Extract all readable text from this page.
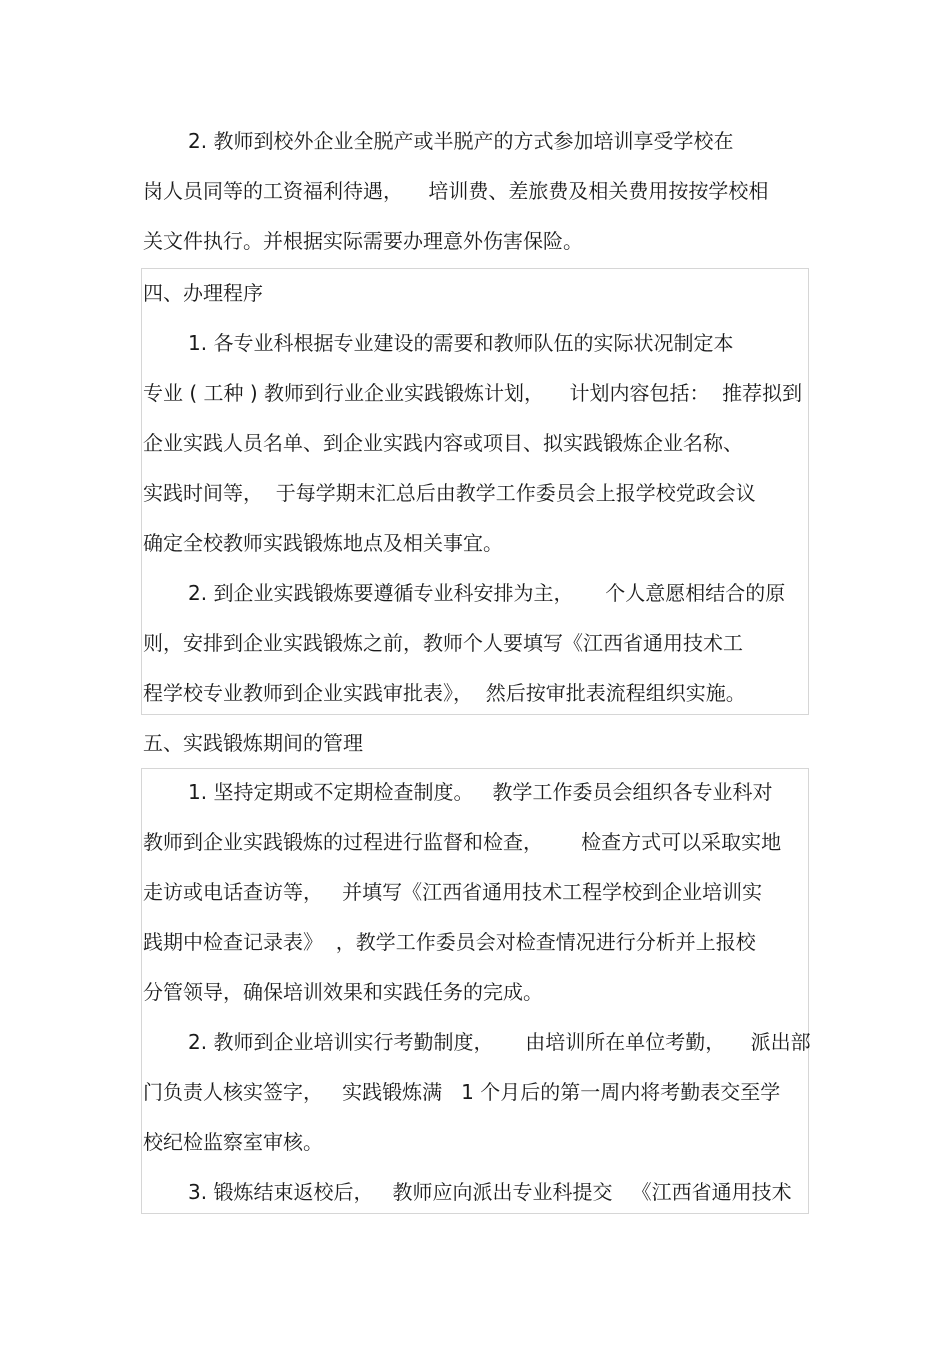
2. 教师到校外企业全脱产或半脱产的方式参加培训享受学校在
岗人员同等的工资福利待遇，    培训费、差旅费及相关费用按按学校相
关文件执行。并根据实际需要办理意外伤害保险。
四、办理程序
1. 各专业科根据专业建设的需要和教师队伍的实际状况制定本
专业 ( 工种 ) 教师到行业企业实践锻炼计划，    计划内容包括：  推荐拟到
企业实践人员名单、到企业实践内容或项目、拟实践锻炼企业名称、
实践时间等，  于每学期末汇总后由教学工作委员会上报学校党政会议
确定全校教师实践锻炼地点及相关事宜。
2. 到企业实践锻炼要遵循专业科安排为主，     个人意愿相结合的原
则，安排到企业实践锻炼之前，教师个人要填写《江西省通用技术工
程学校专业教师到企业实践审批表》，  然后按审批表流程组织实施。
五、实践锻炼期间的管理
1. 坚持定期或不定期检查制度。   教学工作委员会组织各专业科对
教师到企业实践锻炼的过程进行监督和检查，      检查方式可以采取实地
走访或电话查访等，   并填写《江西省通用技术工程学校到企业培训实
践期中检查记录表》  ，教学工作委员会对检查情况进行分析并上报校
分管领导，确保培训效果和实践任务的完成。
2. 教师到企业培训实行考勤制度，     由培训所在单位考勤，    派出部
门负责人核实签字，   实践锻炼满   1 个月后的第一周内将考勤表交至学
校纪检监察室审核。
3. 锻炼结束返校后，   教师应向派出专业科提交   《江西省通用技术
